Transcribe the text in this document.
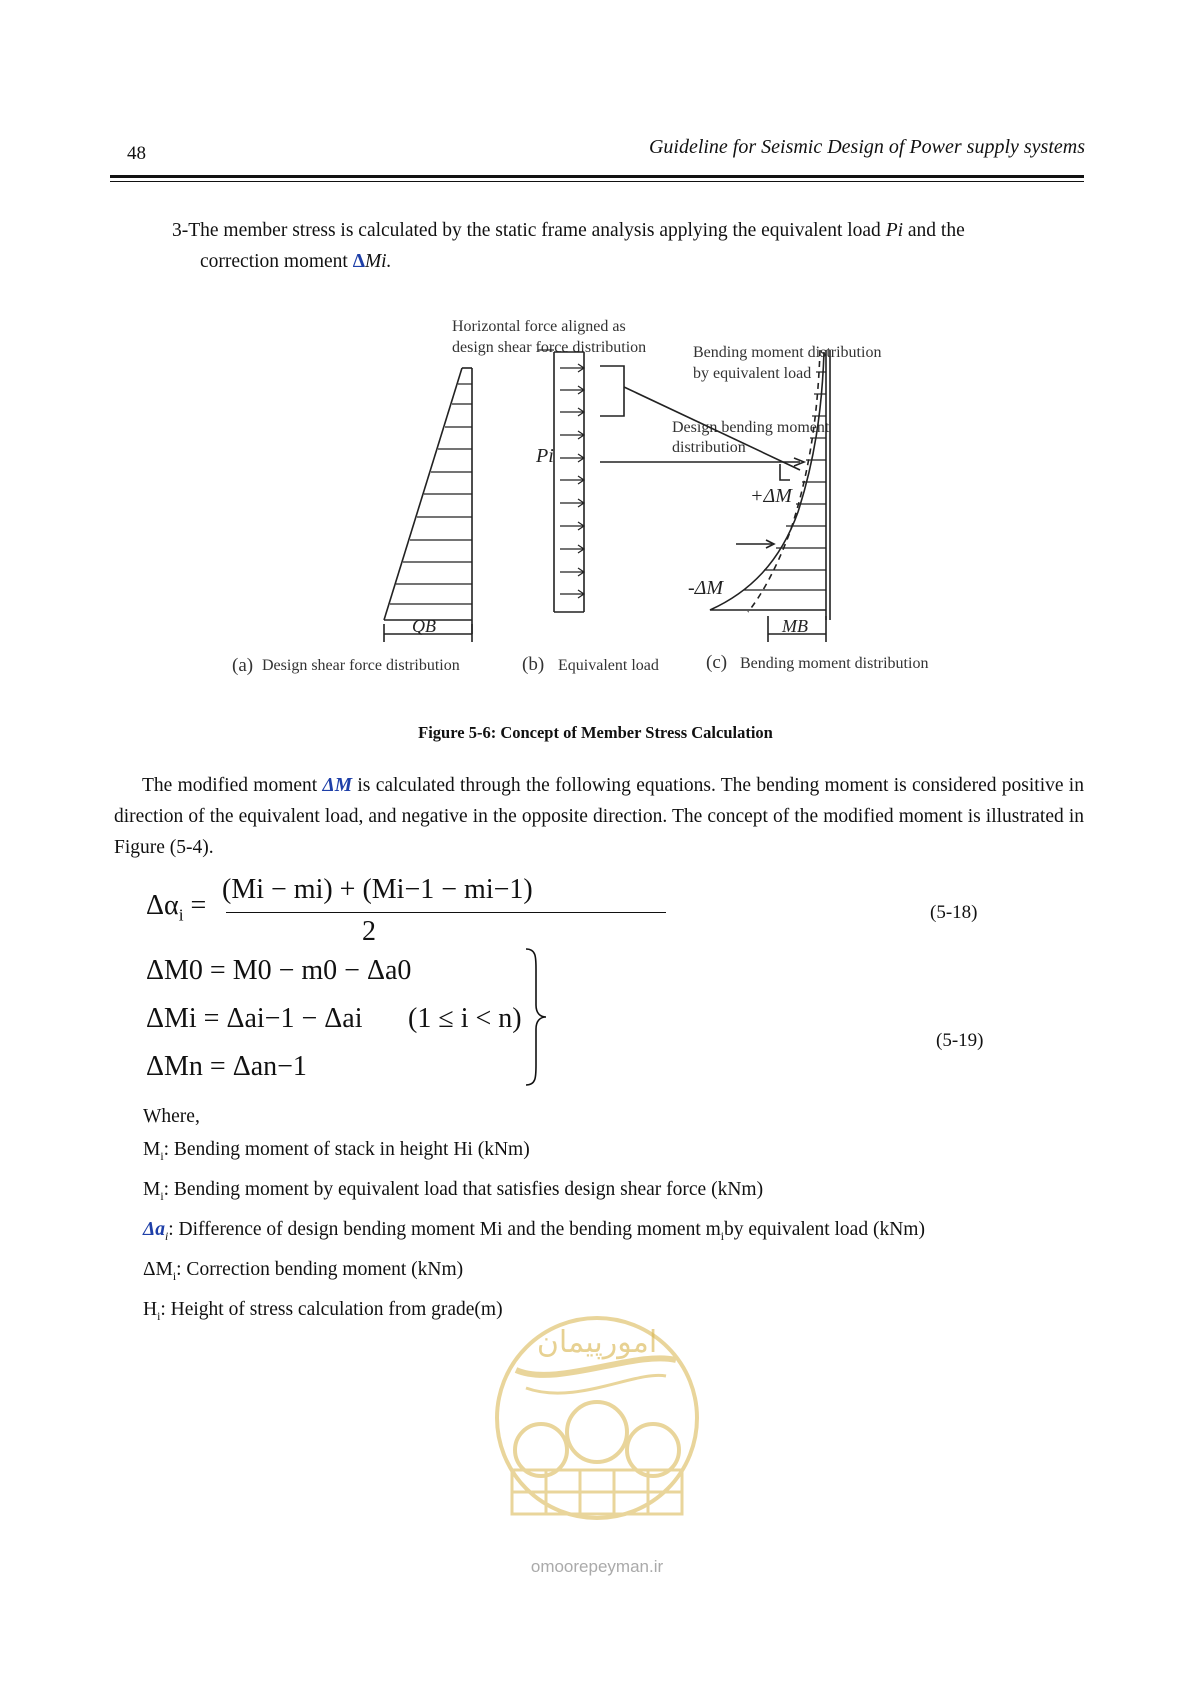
48	Guideline for Seismic Design of Power supply systems
3-The member stress is calculated by the static frame analysis applying the equivalent load Pi and the
correction moment ΔMi.
Horizontal force aligned as
design shear force distribution	Bending moment distribution
by equivalent load
Design bending moment
distribution
QB
Pi
+ΔM
-ΔM
MB
(a) Design shear force distribution	(b) Equivalent load (c) Bending moment distribution
Figure 5-6: Concept of Member Stress Calculation
The modified moment ΔM is calculated through the following equations. The bending moment is considered positive in direction of the equivalent load, and negative in the opposite direction. The concept of the modified moment is illustrated in Figure (5-4).
$\Delta\alpha_i$ =
(Mi − mi) + (Mi−1 − mi−1)
2
(5-18)
ΔM0 = M0 − m0 − Δa0
ΔMi = Δai−1 − Δai (1 ≤ i < n)
ΔMn = Δan−1
(5-19)
Where,
$M_i$: Bending moment of stack in height Hi (kNm)
$M_i$: Bending moment by equivalent load that satisfies design shear force (kNm)
$\Delta a_i$: Difference of design bending moment Mi and the bending moment $m_iby$ equivalent load (kNm)
$\Delta M_i$: Correction bending moment (kNm)
$H_i$: Height of stress calculation from grade(m)
امورپیمان
omoorepeyman.ir
